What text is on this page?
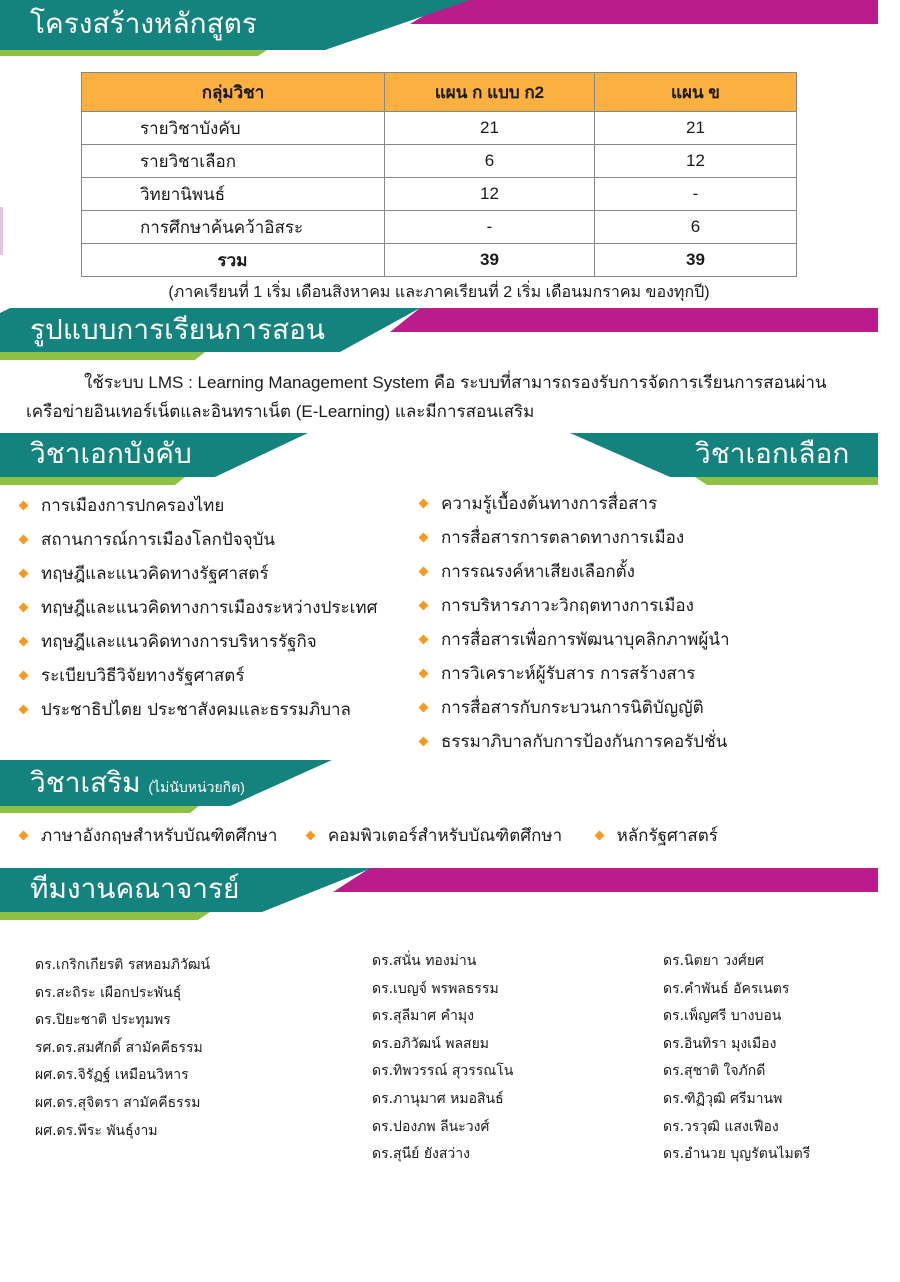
โครงสร้างหลักสูตร
กลุ่มวิชา	แผน ก แบบ ก2	แผน ข
รายวิชาบังคับ	21	21
รายวิชาเลือก	6	12
วิทยานิพนธ์	12	-
การศึกษาค้นคว้าอิสระ	-	6
รวม	39	39
(ภาคเรียนที่ 1 เริ่ม เดือนสิงหาคม และภาคเรียนที่ 2 เริ่ม เดือนมกราคม ของทุกปี)
รูปแบบการเรียนการสอน
ใช้ระบบ LMS : Learning Management System คือ ระบบที่สามารถรองรับการจัดการเรียนการสอนผ่าน
เครือข่ายอินเทอร์เน็ตและอินทราเน็ต (E-Learning) และมีการสอนเสริม
วิชาเอกบังคับ	วิชาเอกเลือก
การเมืองการปกครองไทย
สถานการณ์การเมืองโลกปัจจุบัน
ทฤษฎีและแนวคิดทางรัฐศาสตร์
ทฤษฎีและแนวคิดทางการเมืองระหว่างประเทศ
ทฤษฎีและแนวคิดทางการบริหารรัฐกิจ
ระเบียบวิธีวิจัยทางรัฐศาสตร์
ประชาธิปไตย ประชาสังคมและธรรมภิบาล
ความรู้เบื้องต้นทางการสื่อสาร
การสื่อสารการตลาดทางการเมือง
การรณรงค์หาเสียงเลือกตั้ง
การบริหารภาวะวิกฤตทางการเมือง
การสื่อสารเพื่อการพัฒนาบุคลิกภาพผู้นำ
การวิเคราะห์ผู้รับสาร การสร้างสาร
การสื่อสารกับกระบวนการนิติบัญญัติ
ธรรมาภิบาลกับการป้องกันการคอรัปชั่น
วิชาเสริม (ไม่นับหน่วยกิต)
ภาษาอังกฤษสำหรับบัณฑิตศึกษา	คอมพิวเตอร์สำหรับบัณฑิตศึกษา	หลักรัฐศาสตร์
ทีมงานคณาจารย์
ดร.เกริกเกียรติ รสหอมภิวัฒน์
ดร.สะถิระ เผือกประพันธุ์
ดร.ปิยะชาติ ประทุมพร
รศ.ดร.สมศักดิ์ สามัคคีธรรม
ผศ.ดร.จิรัฏฐ์ เหมือนวิหาร
ผศ.ดร.สุจิตรา สามัคคีธรรม
ผศ.ดร.พีระ พันธุ์งาม
ดร.สนั่น ทองม่าน
ดร.เบญจ์ พรพลธรรม
ดร.สุลีมาศ คำมุง
ดร.อภิวัฒน์ พลสยม
ดร.ทิพวรรณ์ สุวรรณโน
ดร.ภานุมาศ หมอสินธ์
ดร.ปองภพ ลีนะวงศ์
ดร.สุนีย์ ยังสว่าง
ดร.นิตยา วงศ์ยศ
ดร.คำพันธ์ อัครเนตร
ดร.เพ็ญศรี บางบอน
ดร.อินทิรา มุงเมือง
ดร.สุชาติ ใจภักดี
ดร.ฑิฏิวุฒิ ศรีมานพ
ดร.วรวุฒิ แสงเฟือง
ดร.อำนวย บุญรัตนไมตรี
